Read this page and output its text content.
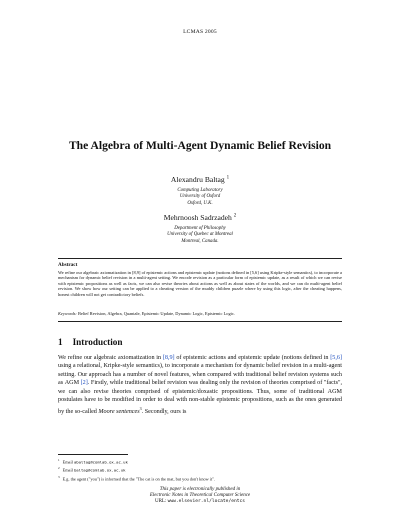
LCMAS 2005
The Algebra of Multi-Agent Dynamic Belief Revision
Alexandru Baltag $^1$
Computing Laboratory
University of Oxford
Oxford, U.K.
Mehrnoosh Sadrzadeh $^2$
Department of Philosophy
University of Quebec at Montreal
Montreal, Canada.
Abstract
We refine our algebraic axiomatization in [8,9] of epistemic actions and epistemic update (notions defined in [5,6] using Kripke-style semantics), to incorporate a mechanism for dynamic belief revision in a multi-agent setting. We encode revision as a particular form of epistemic update, as a result of which we can revise with epistemic propositions as well as facts, we can also revise theories about actions as well as about states of the worlds, and we can do multi-agent belief revision. We show how our setting can be applied to a cheating version of the muddy children puzzle where by using this logic, after the cheating happens, honest children will not get contradictory beliefs.
Keywords: Belief Revision, Algebra, Quantale, Epistemic Update, Dynamic Logic, Epistemic Logic.
1 Introduction
We refine our algebraic axiomatization in [8,9] of epistemic actions and epistemic update (notions defined in [5,6] using a relational, Kripke-style semantics), to incorporate a mechanism for dynamic belief revision in a multi-agent setting. Our approach has a number of novel features, when compared with traditional belief revision systems such as AGM [2]. Firstly, while traditional belief revision was dealing only the revision of theories comprised of "facts", we can also revise theories comprised of epistemic/doxastic propositions. Thus, some of traditional AGM postulates have to be modified in order to deal with non-stable epistemic propositions, such as the ones generated by the so-called Moore sentences$^3$. Secondly, ours is
$^1$ Email abaltag@comlab.ox.ac.uk
$^2$ Email baltag@comlab.ox.ac.uk
$^3$ E.g. the agent ("you") is informed that the "The cat is on the mat, but you don't know it".
This paper is electronically published in
Electronic Notes in Theoretical Computer Science
URL: www.elsevier.nl/locate/entcs
